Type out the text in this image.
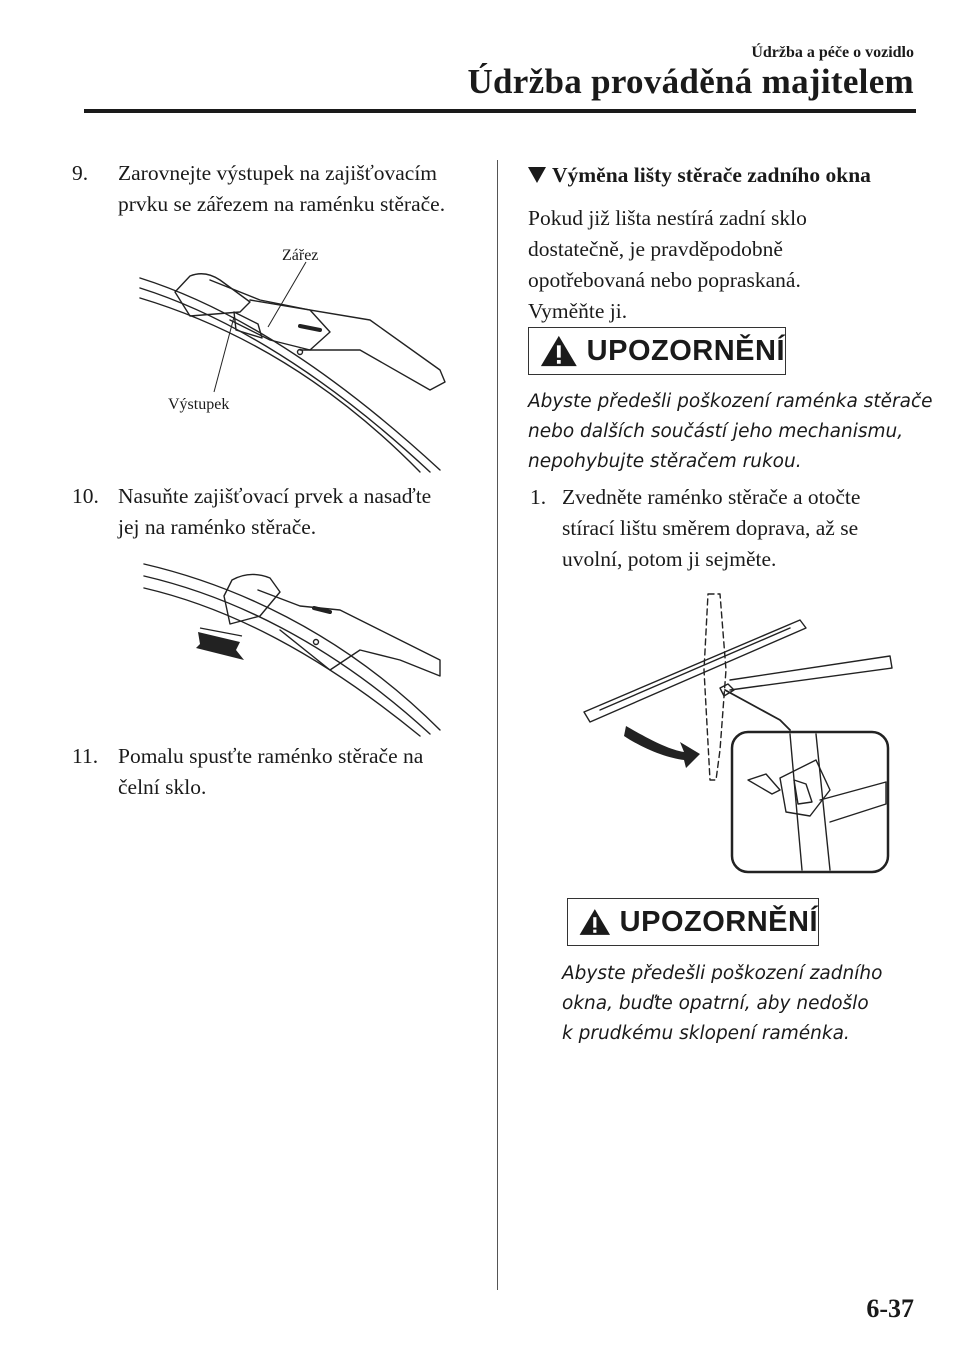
Údržba a péče o vozidlo
Údržba prováděná majitelem
9. Zarovnejte výstupek na zajišťovacím
prvku se zářezem na raménku stěrače.
Zářez
Výstupek
10. Nasuňte zajišťovací prvek a nasaďte
jej na raménko stěrače.
11. Pomalu spusťte raménko stěrače na
čelní sklo.
Výměna lišty stěrače zadního okna
Pokud již lišta nestírá zadní sklo
dostatečně, je pravděpodobně
opotřebovaná nebo popraskaná.
Vyměňte ji.
UPOZORNĚNÍ
Abyste předešli poškození raménka stěrače
nebo dalších součástí jeho mechanismu,
nepohybujte stěračem rukou.
1. Zvedněte raménko stěrače a otočte
stírací lištu směrem doprava, až se
uvolní, potom ji sejměte.
UPOZORNĚNÍ
Abyste předešli poškození zadního
okna, buďte opatrní, aby nedošlo
k prudkému sklopení raménka.
6-37
